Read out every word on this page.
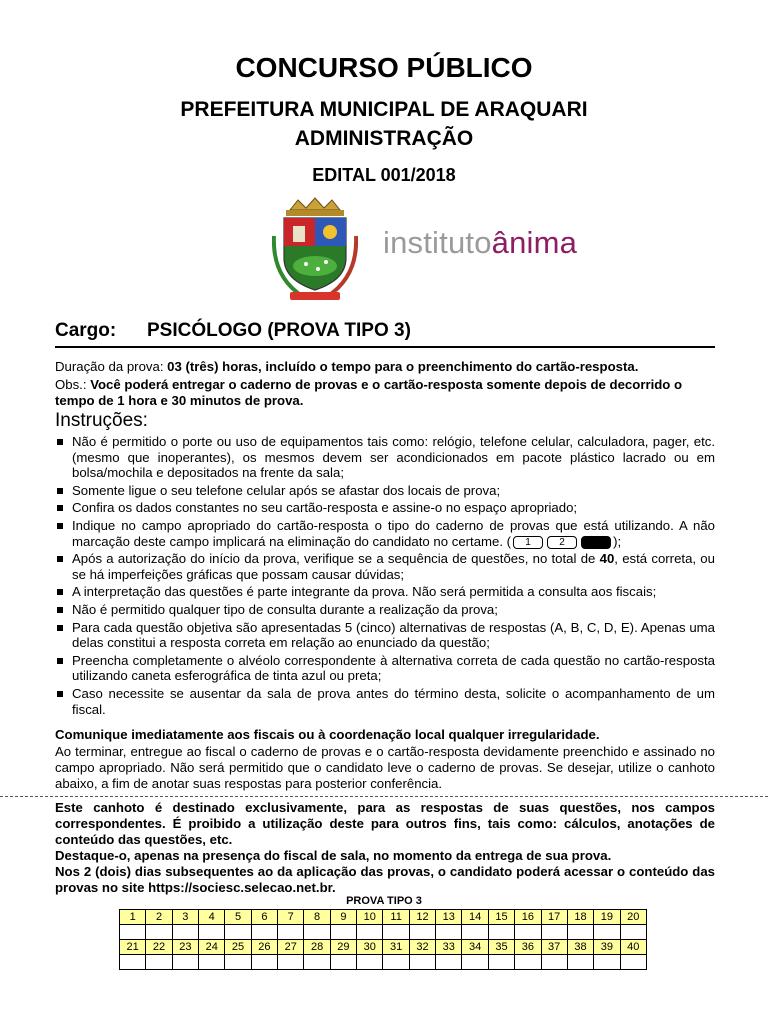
CONCURSO PÚBLICO
PREFEITURA MUNICIPAL DE ARAQUARI
ADMINISTRAÇÃO
EDITAL 001/2018
institutoânima
Cargo: PSICÓLOGO (PROVA TIPO 3)
Duração da prova: 03 (três) horas, incluído o tempo para o preenchimento do cartão-resposta.
Obs.: Você poderá entregar o caderno de provas e o cartão-resposta somente depois de decorrido o tempo de 1 hora e 30 minutos de prova.
Instruções:
Não é permitido o porte ou uso de equipamentos tais como: relógio, telefone celular, calculadora, pager, etc. (mesmo que inoperantes), os mesmos devem ser acondicionados em pacote plástico lacrado ou em bolsa/mochila e depositados na frente da sala;
Somente ligue o seu telefone celular após se afastar dos locais de prova;
Confira os dados constantes no seu cartão-resposta e assine-o no espaço apropriado;
Indique no campo apropriado do cartão-resposta o tipo do caderno de provas que está utilizando. A não marcação deste campo implicará na eliminação do candidato no certame. ( 1	2	);
Após a autorização do início da prova, verifique se a sequência de questões, no total de 40, está correta, ou se há imperfeições gráficas que possam causar dúvidas;
A interpretação das questões é parte integrante da prova. Não será permitida a consulta aos fiscais;
Não é permitido qualquer tipo de consulta durante a realização da prova;
Para cada questão objetiva são apresentadas 5 (cinco) alternativas de respostas (A, B, C, D, E). Apenas uma delas constitui a resposta correta em relação ao enunciado da questão;
Preencha completamente o alvéolo correspondente à alternativa correta de cada questão no cartão-resposta utilizando caneta esferográfica de tinta azul ou preta;
Caso necessite se ausentar da sala de prova antes do término desta, solicite o acompanhamento de um fiscal.
Comunique imediatamente aos fiscais ou à coordenação local qualquer irregularidade.
Ao terminar, entregue ao fiscal o caderno de provas e o cartão-resposta devidamente preenchido e assinado no campo apropriado. Não será permitido que o candidato leve o caderno de provas. Se desejar, utilize o canhoto abaixo, a fim de anotar suas respostas para posterior conferência.
Este canhoto é destinado exclusivamente, para as respostas de suas questões, nos campos correspondentes. É proibido a utilização deste para outros fins, tais como: cálculos, anotações de conteúdo das questões, etc.
Destaque-o, apenas na presença do fiscal de sala, no momento da entrega de sua prova.
Nos 2 (dois) dias subsequentes ao da aplicação das provas, o candidato poderá acessar o conteúdo das provas no site https://sociesc.selecao.net.br.
PROVA TIPO 3
1	2	3	4	5	6	7	8	9	10	11	12	13	14	15	16	17	18	19	20

21	22	23	24	25	26	27	28	29	30	31	32	33	34	35	36	37	38	39	40
